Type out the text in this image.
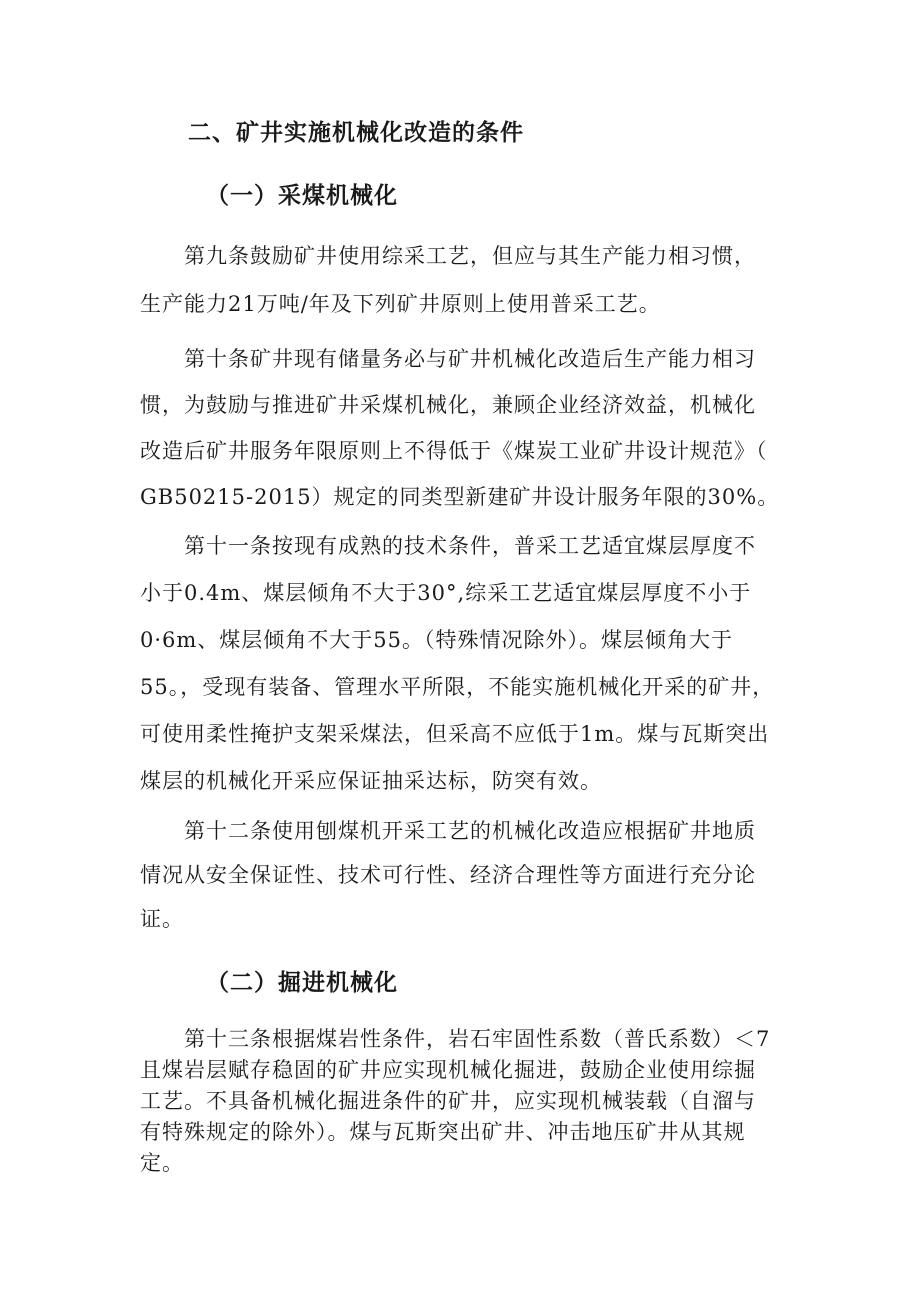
二、矿井实施机械化改造的条件
（一）采煤机械化
第九条鼓励矿井使用综采工艺，但应与其生产能力相习惯，
生产能力21万吨/年及下列矿井原则上使用普采工艺。
第十条矿井现有储量务必与矿井机械化改造后生产能力相习
惯，为鼓励与推进矿井采煤机械化，兼顾企业经济效益，机械化
改造后矿井服务年限原则上不得低于《煤炭工业矿井设计规范》（
GB50215-2015）规定的同类型新建矿井设计服务年限的30%。
第十一条按现有成熟的技术条件，普采工艺适宜煤层厚度不
小于0.4m、煤层倾角不大于30°,综采工艺适宜煤层厚度不小于
0·6m、煤层倾角不大于55。（特殊情况除外）。煤层倾角大于
55。，受现有装备、管理水平所限，不能实施机械化开采的矿井，
可使用柔性掩护支架采煤法，但采高不应低于1m。煤与瓦斯突出
煤层的机械化开采应保证抽采达标，防突有效。
第十二条使用刨煤机开采工艺的机械化改造应根据矿井地质
情况从安全保证性、技术可行性、经济合理性等方面进行充分论
证。
（二）掘进机械化
第十三条根据煤岩性条件，岩石牢固性系数（普氏系数）＜7
且煤岩层赋存稳固的矿井应实现机械化掘进，鼓励企业使用综掘
工艺。不具备机械化掘进条件的矿井，应实现机械装载（自溜与
有特殊规定的除外）。煤与瓦斯突出矿井、冲击地压矿井从其规
定。
